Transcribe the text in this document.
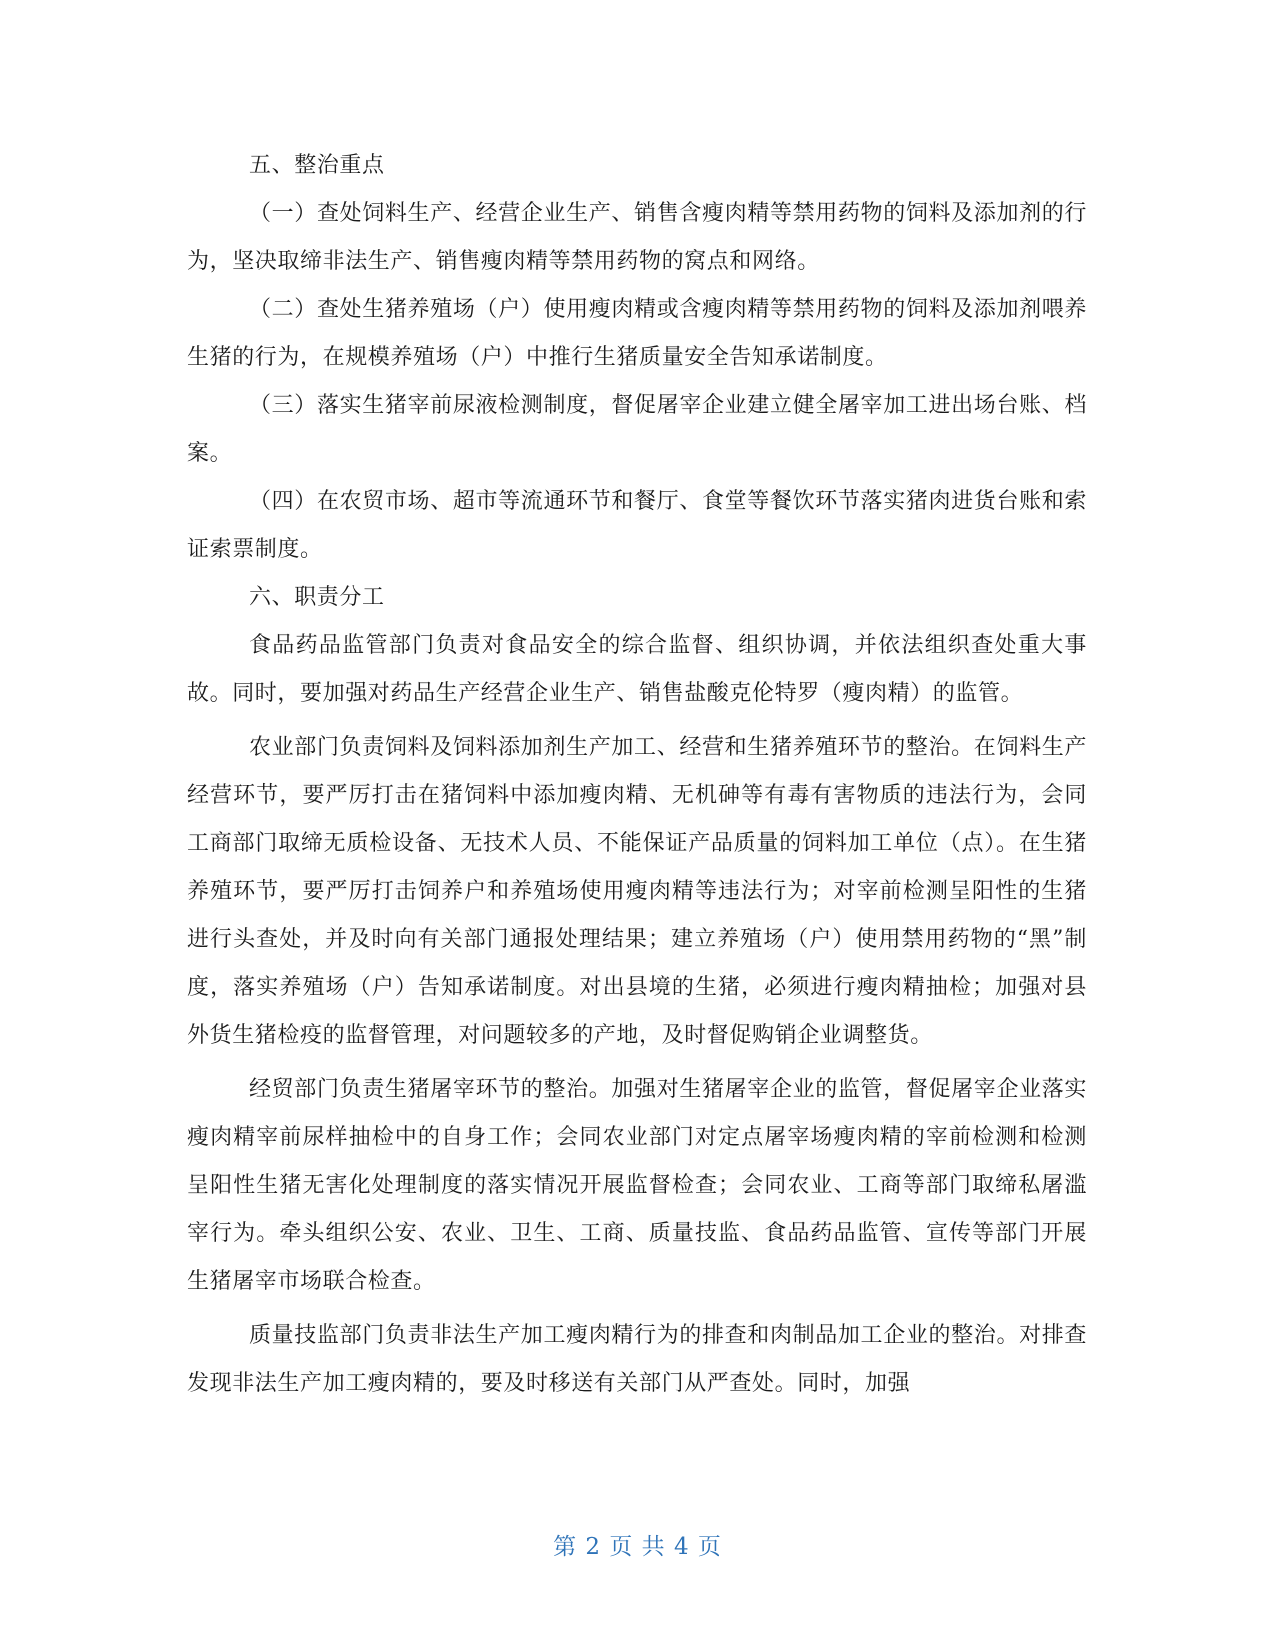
五、整治重点

（一）查处饲料生产、经营企业生产、销售含瘦肉精等禁用药物的饲料及添加剂的行为，坚决取缔非法生产、销售瘦肉精等禁用药物的窝点和网络。

（二）查处生猪养殖场（户）使用瘦肉精或含瘦肉精等禁用药物的饲料及添加剂喂养生猪的行为，在规模养殖场（户）中推行生猪质量安全告知承诺制度。

（三）落实生猪宰前尿液检测制度，督促屠宰企业建立健全屠宰加工进出场台账、档案。

（四）在农贸市场、超市等流通环节和餐厅、食堂等餐饮环节落实猪肉进货台账和索证索票制度。

六、职责分工

食品药品监管部门负责对食品安全的综合监督、组织协调，并依法组织查处重大事故。同时，要加强对药品生产经营企业生产、销售盐酸克伦特罗（瘦肉精）的监管。

农业部门负责饲料及饲料添加剂生产加工、经营和生猪养殖环节的整治。在饲料生产经营环节，要严厉打击在猪饲料中添加瘦肉精、无机砷等有毒有害物质的违法行为，会同工商部门取缔无质检设备、无技术人员、不能保证产品质量的饲料加工单位（点）。在生猪养殖环节，要严厉打击饲养户和养殖场使用瘦肉精等违法行为；对宰前检测呈阳性的生猪进行头查处，并及时向有关部门通报处理结果；建立养殖场（户）使用禁用药物的“黑”制度，落实养殖场（户）告知承诺制度。对出县境的生猪，必须进行瘦肉精抽检；加强对县外货生猪检疫的监督管理，对问题较多的产地，及时督促购销企业调整货。

经贸部门负责生猪屠宰环节的整治。加强对生猪屠宰企业的监管，督促屠宰企业落实瘦肉精宰前尿样抽检中的自身工作；会同农业部门对定点屠宰场瘦肉精的宰前检测和检测呈阳性生猪无害化处理制度的落实情况开展监督检查；会同农业、工商等部门取缔私屠滥宰行为。牵头组织公安、农业、卫生、工商、质量技监、食品药品监管、宣传等部门开展生猪屠宰市场联合检查。

质量技监部门负责非法生产加工瘦肉精行为的排查和肉制品加工企业的整治。对排查发现非法生产加工瘦肉精的，要及时移送有关部门从严查处。同时，加强

第 2 页 共 4 页
